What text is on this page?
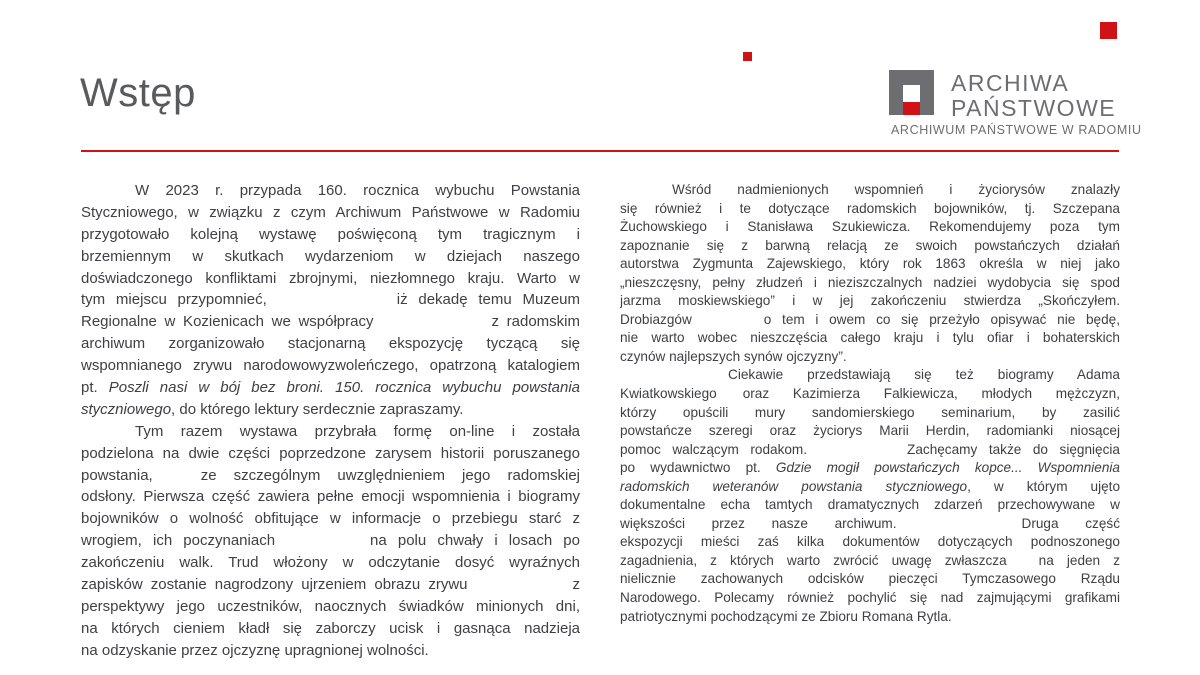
Wstęp	ARCHIWA
PAŃSTWOWE
ARCHIWUM PAŃSTWOWE W RADOMIU
W 2023 r. przypada 160. rocznica wybuchu Powstania
Styczniowego, w związku z czym Archiwum Państwowe w Radomiu
przygotowało kolejną wystawę poświęconą tym tragicznym i
brzemiennym w skutkach wydarzeniom w dziejach naszego
doświadczonego konfliktami zbrojnymi, niezłomnego kraju. Warto w
tym miejscu przypomnieć,	iż dekadę temu Muzeum
Regionalne w Kozienicach we współpracy	z radomskim
archiwum zorganizowało stacjonarną ekspozycję tyczącą się
wspomnianego zrywu narodowowyzwoleńczego, opatrzoną katalogiem
pt. Poszli nasi w bój bez broni. 150. rocznica wybuchu powstania
styczniowego, do którego lektury serdecznie zapraszamy.
Tym razem wystawa przybrała formę on-line i została
podzielona na dwie części poprzedzone zarysem historii poruszanego
powstania,	ze szczególnym uwzględnieniem jego radomskiej
odsłony. Pierwsza część zawiera pełne emocji wspomnienia i biogramy
bojowników o wolność obfitujące w informacje o przebiegu starć z
wrogiem, ich poczynaniach	na polu chwały i losach po
zakończeniu walk. Trud włożony w odczytanie dosyć wyraźnych
zapisków zostanie nagrodzony ujrzeniem obrazu zrywu	z
perspektywy jego uczestników, naocznych świadków minionych dni,
na których cieniem kładł się zaborczy ucisk i gasnąca nadzieja
na odzyskanie przez ojczyznę upragnionej wolności.
Wśród nadmienionych wspomnień i życiorysów znalazły
się również i te dotyczące radomskich bojowników, tj. Szczepana
Żuchowskiego i Stanisława Szukiewicza. Rekomendujemy poza tym
zapoznanie się z barwną relacją ze swoich powstańczych działań
autorstwa Zygmunta Zajewskiego, który rok 1863 określa w niej jako
„nieszczęsny, pełny złudzeń i nieziszczalnych nadziei wydobycia się spod
jarzma moskiewskiego” i w jej zakończeniu stwierdza „Skończyłem.
Drobiazgów	o tem i owem co się przeżyło opisywać nie będę,
nie warto wobec nieszczęścia całego kraju i tylu ofiar i bohaterskich
czynów najlepszych synów ojczyzny”.
Ciekawie przedstawiają się też biogramy Adama
Kwiatkowskiego oraz Kazimierza Falkiewicza, młodych mężczyzn,
którzy opuścili mury sandomierskiego seminarium, by zasilić
powstańcze szeregi oraz życiorys Marii Herdin, radomianki niosącej
pomoc walczącym rodakom.	Zachęcamy także do sięgnięcia
po wydawnictwo pt. Gdzie mogił powstańczych kopce... Wspomnienia
radomskich weteranów powstania styczniowego, w którym ujęto
dokumentalne echa tamtych dramatycznych zdarzeń przechowywane w
większości przez nasze archiwum.	Druga część
ekspozycji mieści zaś kilka dokumentów dotyczących podnoszonego
zagadnienia, z których warto zwrócić uwagę zwłaszcza na jeden z
nielicznie zachowanych odcisków pieczęci Tymczasowego Rządu
Narodowego. Polecamy również pochylić się nad zajmującymi grafikami
patriotycznymi pochodzącymi ze Zbioru Romana Rytla.
